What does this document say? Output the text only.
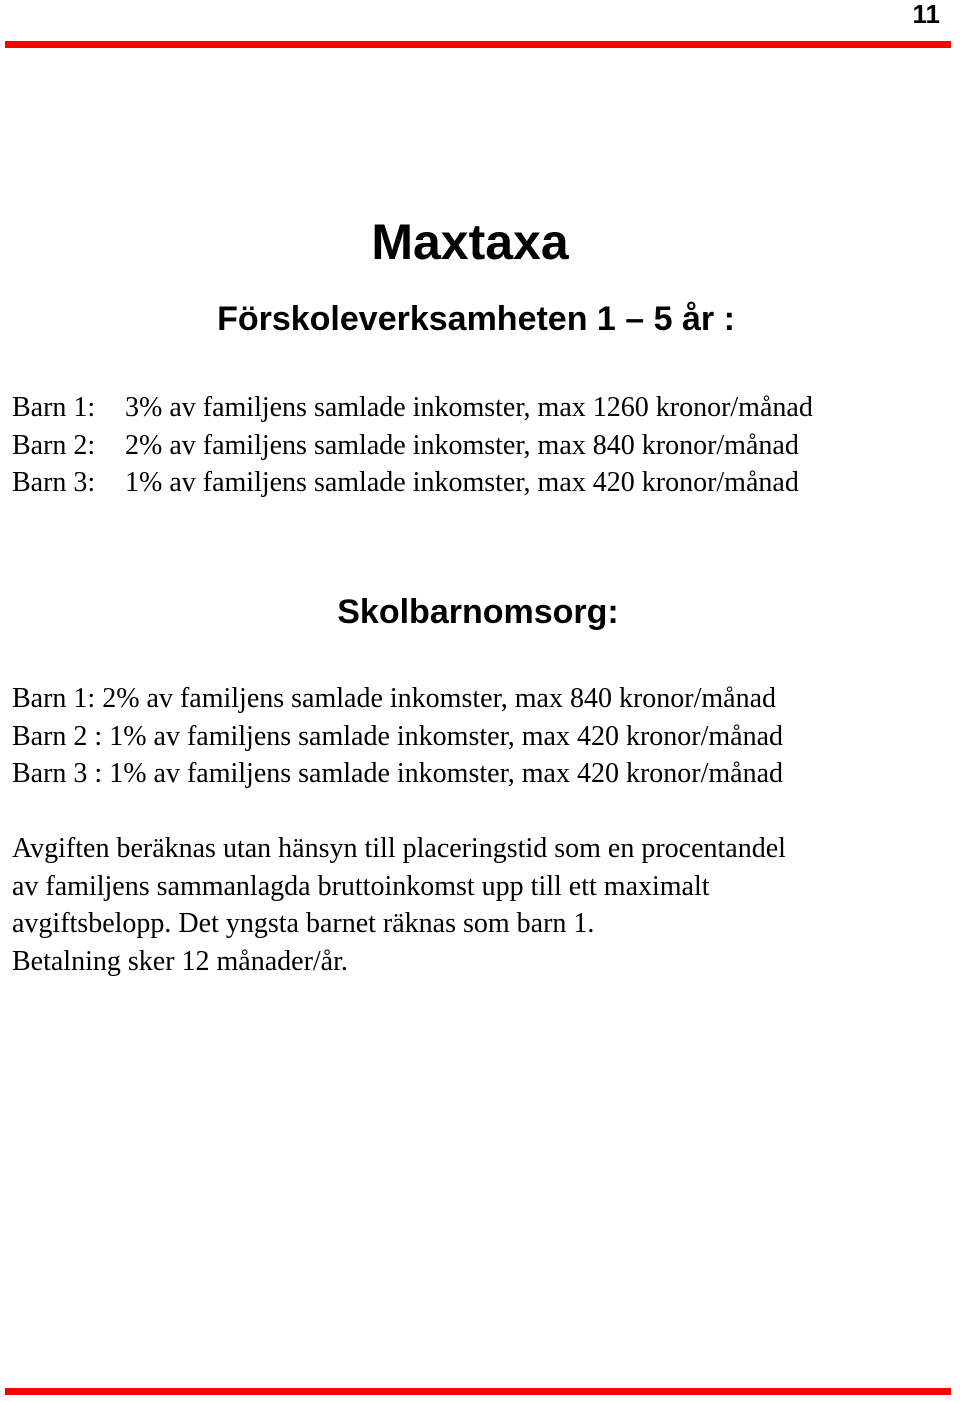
11
Maxtaxa
Förskoleverksamheten 1 – 5 år :
Barn 1: 3% av familjens samlade inkomster, max 1260 kronor/månad
Barn 2: 2% av familjens samlade inkomster, max 840 kronor/månad
Barn 3: 1% av familjens samlade inkomster, max 420 kronor/månad
Skolbarnomsorg:
Barn 1: 2% av familjens samlade inkomster, max 840 kronor/månad
Barn 2 : 1% av familjens samlade inkomster, max 420 kronor/månad
Barn 3 : 1% av familjens samlade inkomster, max 420 kronor/månad

Avgiften beräknas utan hänsyn till placeringstid som en procentandel
av familjens sammanlagda bruttoinkomst upp till ett maximalt
avgiftsbelopp. Det yngsta barnet räknas som barn 1.
Betalning sker 12 månader/år.
